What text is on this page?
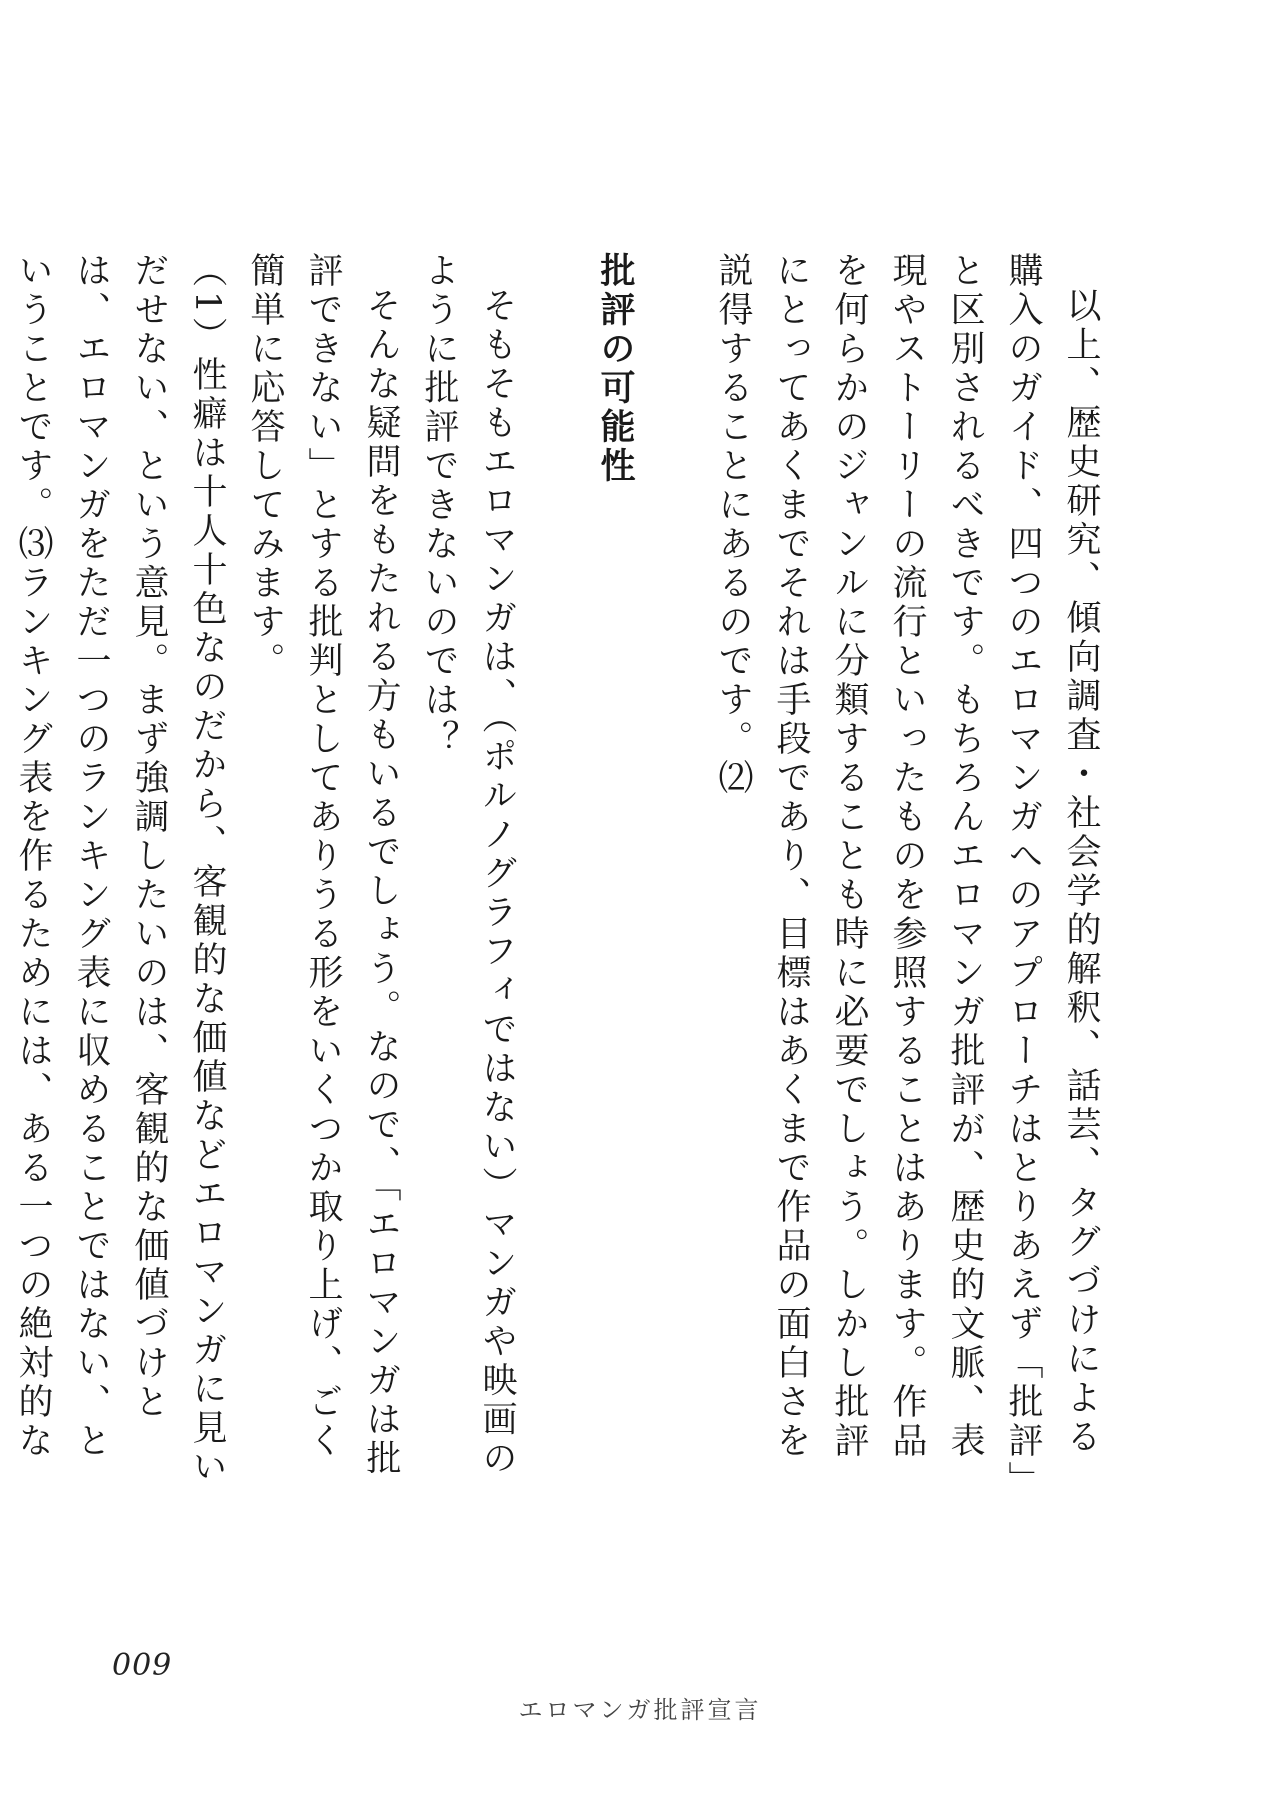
以上、歴史研究、傾向調査・社会学的解釈、話芸、タグづけによる購入のガイド、四つのエロマンガへのアプローチはとりあえず「批評」と区別されるべきです。もちろんエロマンガ批評が、歴史的文脈、表現やストーリーの流行といったものを参照することはあります。作品を何らかのジャンルに分類することも時に必要でしょう。しかし批評にとってあくまでそれは手段であり、目標はあくまで作品の面白さを説得することにあるのです。⑵

批評の可能性

そもそもエロマンガは、（ポルノグラフィではない）マンガや映画のように批評できないのでは？

そんな疑問をもたれる方もいるでしょう。なので、「エロマンガは批評できない」とする批判としてありうる形をいくつか取り上げ、ごく簡単に応答してみます。

（1）性癖は十人十色なのだから、客観的な価値などエロマンガに見いだせない、という意見。まず強調したいのは、客観的な価値づけとは、エロマンガをただ一つのランキング表に収めることではない、ということです。⑶ランキング表を作るためには、ある一つの絶対的な

009
エロマンガ批評宣言
